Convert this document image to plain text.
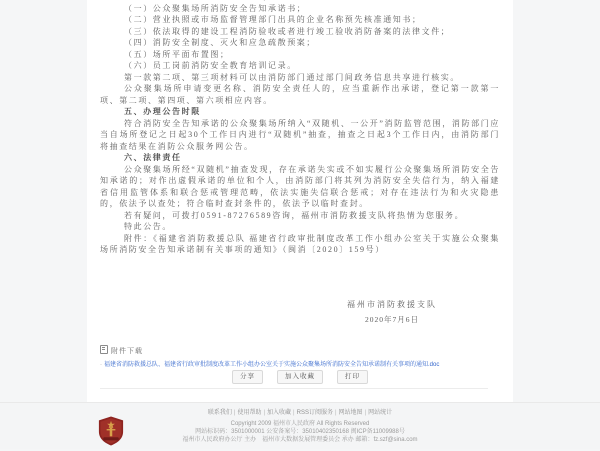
（一）公众聚集场所消防安全告知承诺书；

（二）营业执照或市场监督管理部门出具的企业名称预先核准通知书；

（三）依法取得的建设工程消防验收或者进行竣工验收消防备案的法律文件；

（四）消防安全制度、灭火和应急疏散预案；

（五）场所平面布置图；

（六）员工岗前消防安全教育培训记录。

第一款第二项、第三项材料可以由消防部门通过部门间政务信息共享进行核实。

公众聚集场所申请变更名称、消防安全责任人的，应当重新作出承诺，登记第一款第一项、第二项、第四项、第六项相应内容。

五、办理公告时限

符合消防安全告知承诺的公众聚集场所纳入“双随机、一公开”消防监管范围，消防部门应当自场所登记之日起30个工作日内进行“双随机”抽查，抽查之日起3个工作日内，由消防部门将抽查结果在消防公众服务网公告。

六、法律责任

公众聚集场所经“双随机”抽查发现，存在承诺失实或不如实履行公众聚集场所消防安全告知承诺的；对作出虚假承诺的单位和个人，由消防部门将其列为消防安全失信行为，纳入福建省信用监管体系和联合惩戒管理范畴，依法实施失信联合惩戒；对存在违法行为和火灾隐患的，依法予以查处；符合临时查封条件的，依法予以临时查封。

若有疑问，可拨打0591-87276589咨询，福州市消防救援支队将热情为您服务。

特此公告。

附件：《福建省消防救援总队 福建省行政审批制度改革工作小组办公室关于实施公众聚集场所消防安全告知承诺制有关事项的通知》（闽消〔2020〕159号）

福州市消防救援支队
2020年7月6日
附件下载
· 福建省消防救援总队、福建省行政审批制度改革工作小组办公室关于实施公众聚集场所消防安全告知承诺制有关事项的通知.doc
分享	加入收藏	打印
联系我们 | 使用帮助 | 加入收藏 | RSS订阅服务 | 网站地图 | 网站统计
Copyright 2009 福州市人民政府 All Rights Reserved
网站标识码：3501000001 公安备案号：35010402350168 闽ICP备11009988号
福州市人民政府办公厅 主办　福州市大数据发展管理委员会 承办 邮箱：fz.szf@sina.com
